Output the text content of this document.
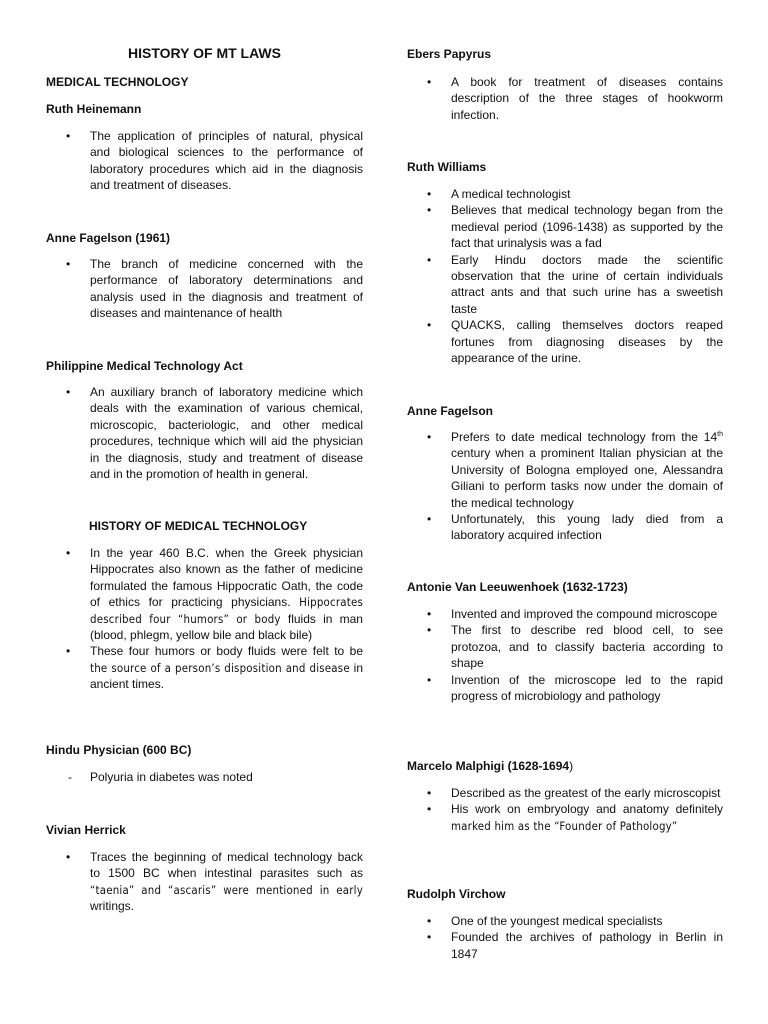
HISTORY OF MT LAWS
MEDICAL TECHNOLOGY
Ruth Heinemann
• The application of principles of natural, physical and biological sciences to the performance of laboratory procedures which aid in the diagnosis and treatment of diseases.
Anne Fagelson (1961)
• The branch of medicine concerned with the performance of laboratory determinations and analysis used in the diagnosis and treatment of diseases and maintenance of health
Philippine Medical Technology Act
• An auxiliary branch of laboratory medicine which deals with the examination of various chemical, microscopic, bacteriologic, and other medical procedures, technique which will aid the physician in the diagnosis, study and treatment of disease and in the promotion of health in general.
HISTORY OF MEDICAL TECHNOLOGY
• In the year 460 B.C. when the Greek physician Hippocrates also known as the father of medicine formulated the famous Hippocratic Oath, the code of ethics for practicing physicians. Hippocrates described four “humors” or body fluids in man (blood, phlegm, yellow bile and black bile)
• These four humors or body fluids were felt to be the source of a person’s disposition and disease in ancient times.
Hindu Physician (600 BC)
- Polyuria in diabetes was noted
Vivian Herrick
• Traces the beginning of medical technology back to 1500 BC when intestinal parasites such as “taenia” and “ascaris” were mentioned in early writings.
Ebers Papyrus
• A book for treatment of diseases contains description of the three stages of hookworm infection.
Ruth Williams
• A medical technologist
• Believes that medical technology began from the medieval period (1096-1438) as supported by the fact that urinalysis was a fad
• Early Hindu doctors made the scientific observation that the urine of certain individuals attract ants and that such urine has a sweetish taste
• QUACKS, calling themselves doctors reaped fortunes from diagnosing diseases by the appearance of the urine.
Anne Fagelson
• Prefers to date medical technology from the 14th century when a prominent Italian physician at the University of Bologna employed one, Alessandra Giliani to perform tasks now under the domain of the medical technology
• Unfortunately, this young lady died from a laboratory acquired infection
Antonie Van Leeuwenhoek (1632-1723)
• Invented and improved the compound microscope
• The first to describe red blood cell, to see protozoa, and to classify bacteria according to shape
• Invention of the microscope led to the rapid progress of microbiology and pathology
Marcelo Malphigi (1628-1694)
• Described as the greatest of the early microscopist
• His work on embryology and anatomy definitely marked him as the “Founder of Pathology”
Rudolph Virchow
• One of the youngest medical specialists
• Founded the archives of pathology in Berlin in 1847
